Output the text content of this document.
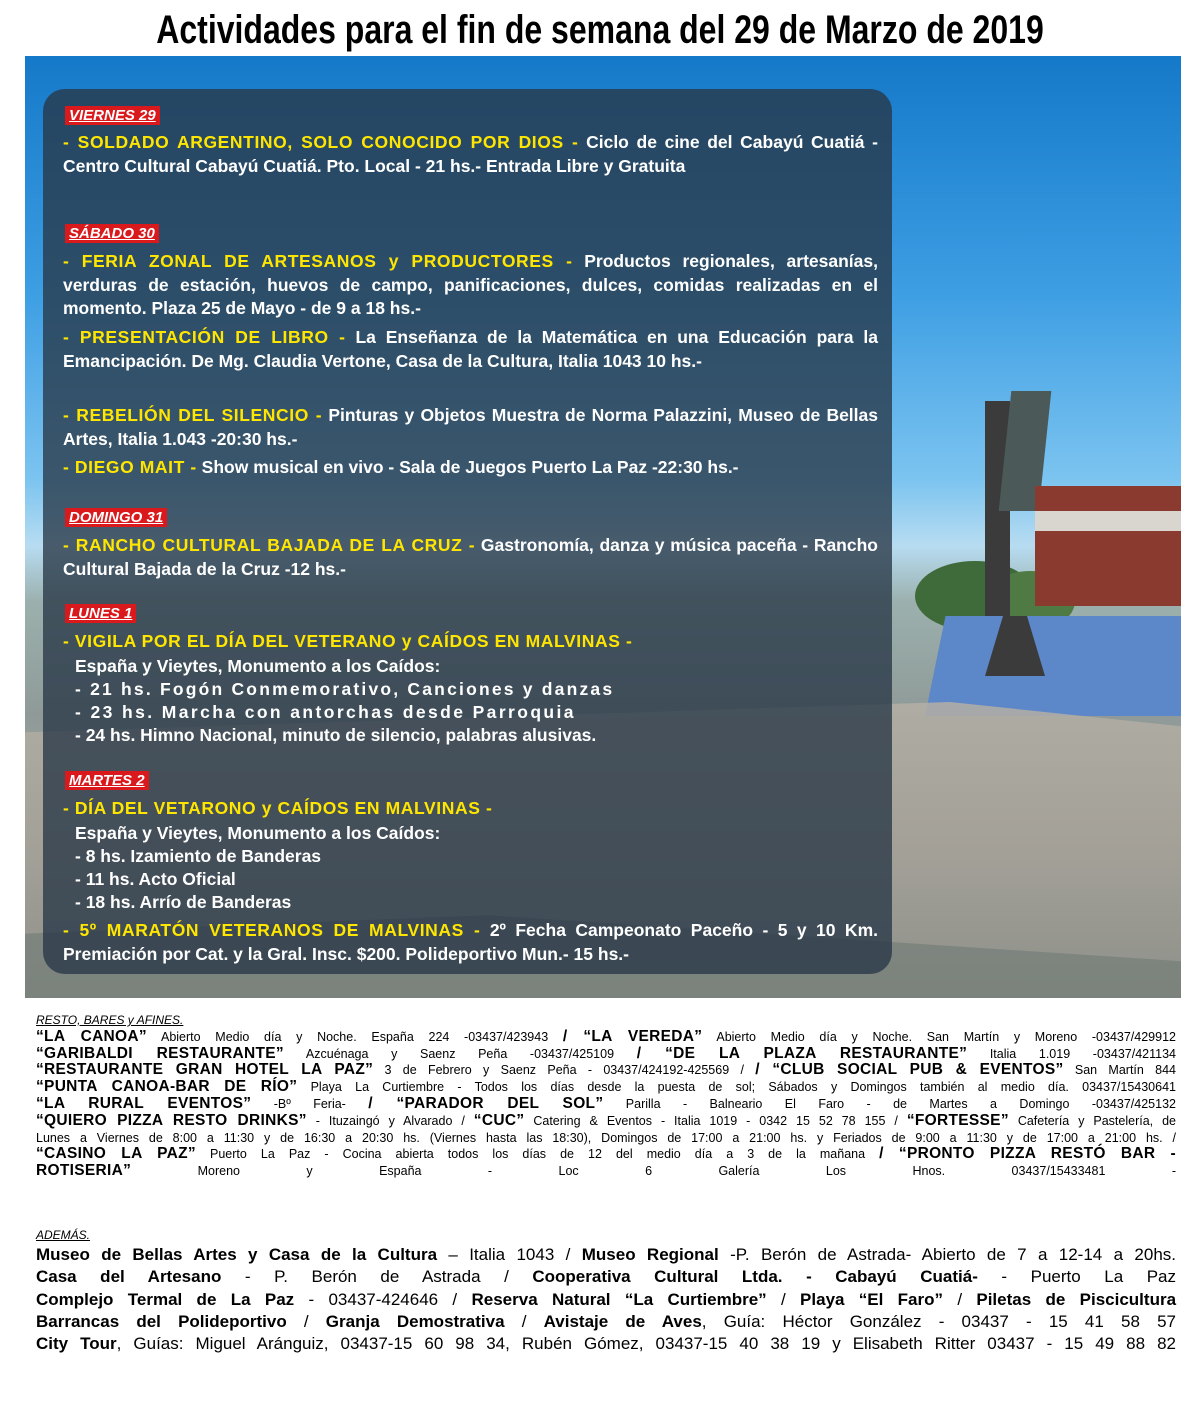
Actividades para el fin de semana del 29 de Marzo de 2019
VIERNES 29
- SOLDADO ARGENTINO, SOLO CONOCIDO POR DIOS - Ciclo de cine del Cabayú Cuatiá - Centro Cultural Cabayú Cuatiá. Pto. Local - 21 hs.- Entrada Libre y Gratuita
SÁBADO 30
- FERIA ZONAL DE ARTESANOS y PRODUCTORES - Productos regionales, artesanías, verduras de estación, huevos de campo, panificaciones, dulces, comidas realizadas en el momento. Plaza 25 de Mayo - de 9 a 18 hs.-
- PRESENTACIÓN DE LIBRO - La Enseñanza de la Matemática en una Educación para la Emancipación. De Mg. Claudia Vertone, Casa de la Cultura, Italia 1043 10 hs.-
- REBELIÓN DEL SILENCIO - Pinturas y Objetos Muestra de Norma Palazzini, Museo de Bellas Artes, Italia 1.043 -20:30 hs.-
- DIEGO MAIT - Show musical en vivo - Sala de Juegos Puerto La Paz -22:30 hs.-
DOMINGO 31
- RANCHO CULTURAL BAJADA DE LA CRUZ - Gastronomía, danza y música paceña - Rancho Cultural Bajada de la Cruz -12 hs.-
LUNES 1
- VIGILA POR EL DÍA DEL VETERANO y CAÍDOS EN MALVINAS -
España y Vieytes, Monumento a los Caídos:
- 21 hs. Fogón Conmemorativo, Canciones y danzas
- 23 hs. Marcha con antorchas desde Parroquia
- 24 hs. Himno Nacional, minuto de silencio, palabras alusivas.
MARTES 2
- DÍA DEL VETARONO y CAÍDOS EN MALVINAS -
España y Vieytes, Monumento a los Caídos:
- 8 hs. Izamiento de Banderas
- 11 hs. Acto Oficial
- 18 hs. Arrío de Banderas
- 5º MARATÓN VETERANOS DE MALVINAS - 2º Fecha Campeonato Paceño - 5 y 10 Km. Premiación por Cat. y la Gral. Insc. $200. Polideportivo Mun.- 15 hs.-
RESTO, BARES y AFINES.
“LA CANOA” Abierto Medio día y Noche. España 224 -03437/423943 / “LA VEREDA” Abierto Medio día y Noche. San Martín y Moreno -03437/429912
“GARIBALDI RESTAURANTE” Azcuénaga y Saenz Peña -03437/425109 / “DE LA PLAZA RESTAURANTE” Italia 1.019 -03437/421134
“RESTAURANTE GRAN HOTEL LA PAZ” 3 de Febrero y Saenz Peña - 03437/424192-425569 / / “CLUB SOCIAL PUB & EVENTOS” San Martín 844
“PUNTA CANOA-BAR DE RÍO” Playa La Curtiembre - Todos los días desde la puesta de sol; Sábados y Domingos también al medio día. 03437/15430641
“LA RURAL EVENTOS” -Bº Feria- / “PARADOR DEL SOL” Parilla - Balneario El Faro - de Martes a Domingo -03437/425132
“QUIERO PIZZA RESTO DRINKS” - Ituzaingó y Alvarado / “CUC” Catering & Eventos - Italia 1019 - 0342 15 52 78 155 / “FORTESSE” Cafetería y Pastelería, de
Lunes a Viernes de 8:00 a 11:30 y de 16:30 a 20:30 hs. (Viernes hasta las 18:30), Domingos de 17:00 a 21:00 hs. y Feriados de 9:00 a 11:30 y de 17:00 a 21:00 hs. /
“CASINO LA PAZ” Puerto La Paz - Cocina abierta todos los días de 12 del medio día a 3 de la mañana / “PRONTO PIZZA RESTÓ BAR -
ROTISERIA” Moreno y España - Loc 6 Galería Los Hnos. 03437/15433481 -
ADEMÁS.
Museo de Bellas Artes y Casa de la Cultura – Italia 1043 / Museo Regional -P. Berón de Astrada- Abierto de 7 a 12-14 a 20hs.
Casa del Artesano - P. Berón de Astrada / Cooperativa Cultural Ltda. - Cabayú Cuatiá- - Puerto La Paz
Complejo Termal de La Paz - 03437-424646 / Reserva Natural “La Curtiembre” / Playa “El Faro” / Piletas de Piscicultura
Barrancas del Polideportivo / Granja Demostrativa / Avistaje de Aves, Guía: Héctor González - 03437 - 15 41 58 57
City Tour, Guías: Miguel Aránguiz, 03437-15 60 98 34, Rubén Gómez, 03437-15 40 38 19 y Elisabeth Ritter 03437 - 15 49 88 82
